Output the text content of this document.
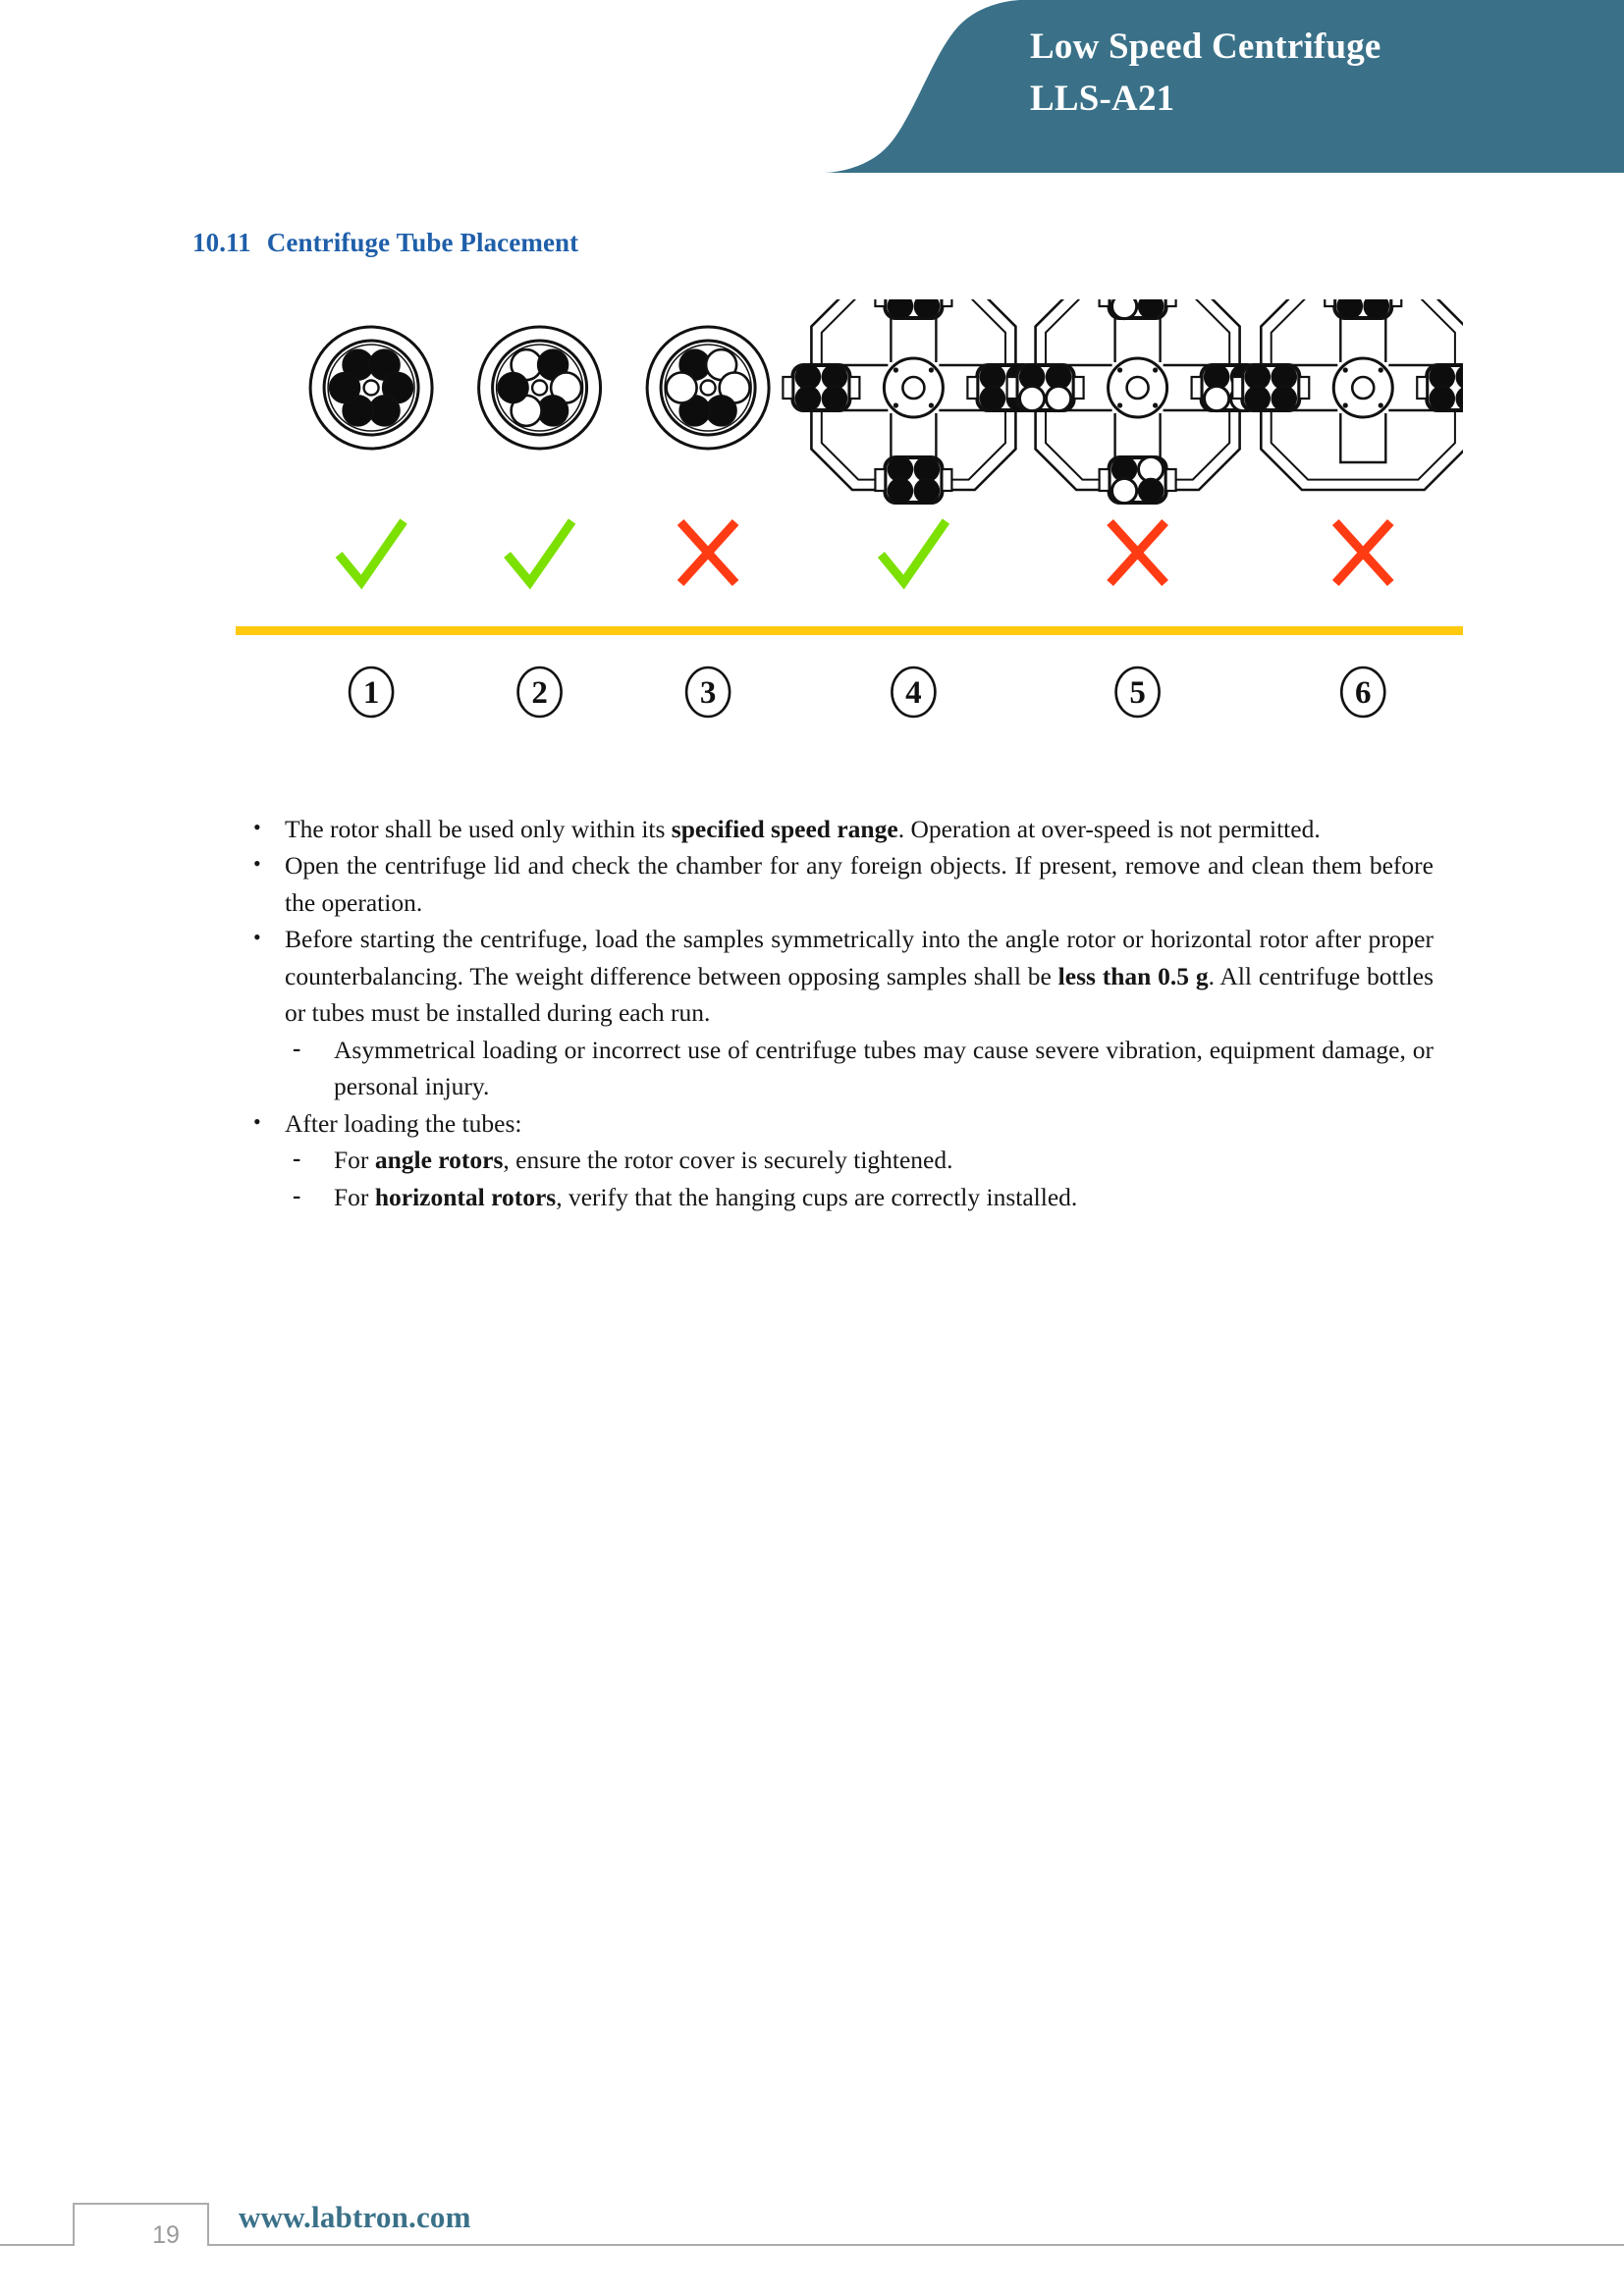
Low Speed Centrifuge
LLS-A21
10.11 Centrifuge Tube Placement
1	2	3	4	5	6
• The rotor shall be used only within its specified speed range. Operation at over-speed is not permitted.
• Open the centrifuge lid and check the chamber for any foreign objects. If present, remove and clean them before the operation.
• Before starting the centrifuge, load the samples symmetrically into the angle rotor or horizontal rotor after proper counterbalancing. The weight difference between opposing samples shall be less than 0.5 g. All centrifuge bottles or tubes must be installed during each run.
-	Asymmetrical loading or incorrect use of centrifuge tubes may cause severe vibration, equipment damage, or personal injury.
• After loading the tubes:
-	For angle rotors, ensure the rotor cover is securely tightened.
-	For horizontal rotors, verify that the hanging cups are correctly installed.
19
www.labtron.com
